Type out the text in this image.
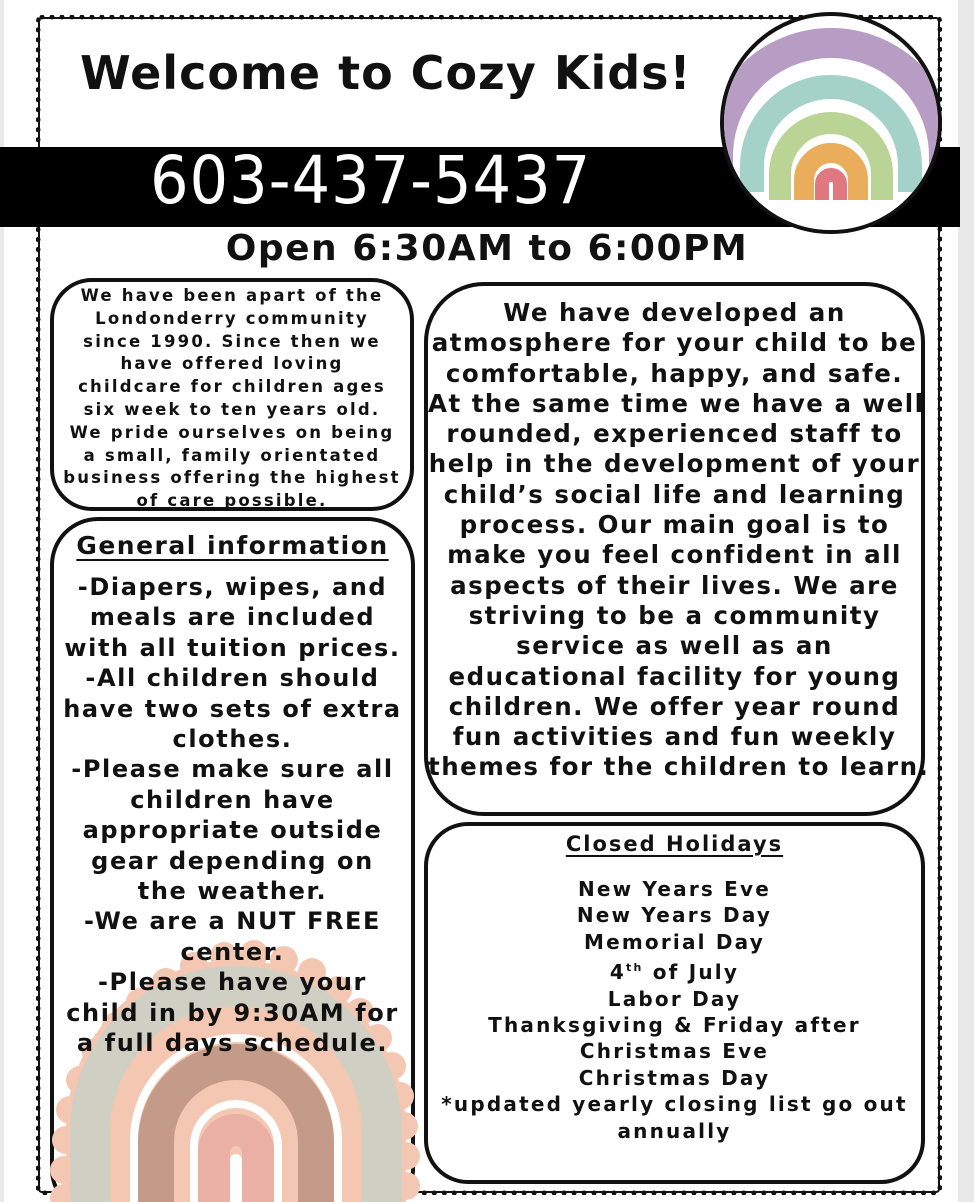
Welcome to Cozy Kids!
603-437-5437
Open 6:30AM to 6:00PM

We have been apart of the

Londonderry community

since 1990. Since then we

have offered loving

childcare for children ages

six week to ten years old.

We pride ourselves on being

a small, family orientated

business offering the highest

of care possible.

General information

-Diapers, wipes, and

meals are included

with all tuition prices.

-All children should

have two sets of extra

clothes.

-Please make sure all

children have

appropriate outside

gear depending on

the weather.

-We are a NUT FREE

center.

-Please have your

child in by 9:30AM for

a full days schedule.

We have developed an

atmosphere for your child to be

comfortable, happy, and safe.

At the same time we have a well

rounded, experienced staff to

help in the development of your

child’s social life and learning

process. Our main goal is to

make you feel confident in all

aspects of their lives. We are

striving to be a community

service as well as an

educational facility for young

children. We offer year round

fun activities and fun weekly

themes for the children to learn.

Closed Holidays

New Years Eve

New Years Day

Memorial Day

4th of July

Labor Day

Thanksgiving & Friday after

Christmas Eve

Christmas Day

*updated yearly closing list go out

annually
